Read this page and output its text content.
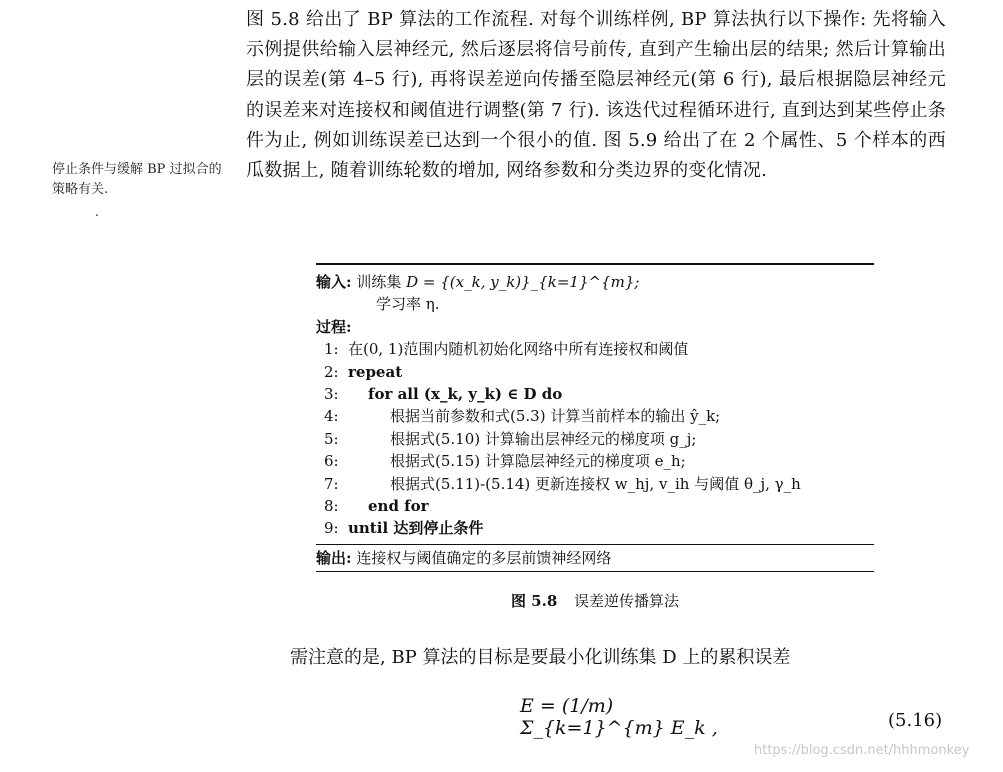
停止条件与缓解 BP 过拟合的策略有关.
.

图 5.8 给出了 BP 算法的工作流程. 对每个训练样例, BP 算法执行以下操作: 先将输入示例提供给输入层神经元, 然后逐层将信号前传, 直到产生输出层的结果; 然后计算输出层的误差(第 4–5 行), 再将误差逆向传播至隐层神经元(第 6 行), 最后根据隐层神经元的误差来对连接权和阈值进行调整(第 7 行). 该迭代过程循环进行, 直到达到某些停止条件为止, 例如训练误差已达到一个很小的值. 图 5.9 给出了在 2 个属性、5 个样本的西瓜数据上, 随着训练轮数的增加, 网络参数和分类边界的变化情况.

输入: 训练集 D = {(x_k, y_k)}_{k=1}^{m};
学习率 η.
过程:
1: 在(0, 1)范围内随机初始化网络中所有连接权和阈值
2: repeat
3:	for all (x_k, y_k) ∈ D do
4:	根据当前参数和式(5.3) 计算当前样本的输出 ŷ_k;
5:	根据式(5.10) 计算输出层神经元的梯度项 g_j;
6:	根据式(5.15) 计算隐层神经元的梯度项 e_h;
7:	根据式(5.11)-(5.14) 更新连接权 w_hj, v_ih 与阈值 θ_j, γ_h
8:	end for
9: until 达到停止条件
输出: 连接权与阈值确定的多层前馈神经网络
图 5.8 误差逆传播算法
需注意的是, BP 算法的目标是要最小化训练集 D 上的累积误差
E = (1/m) Σ_{k=1}^{m} E_k ,	(5.16)
https://blog.csdn.net/hhhmonkey
